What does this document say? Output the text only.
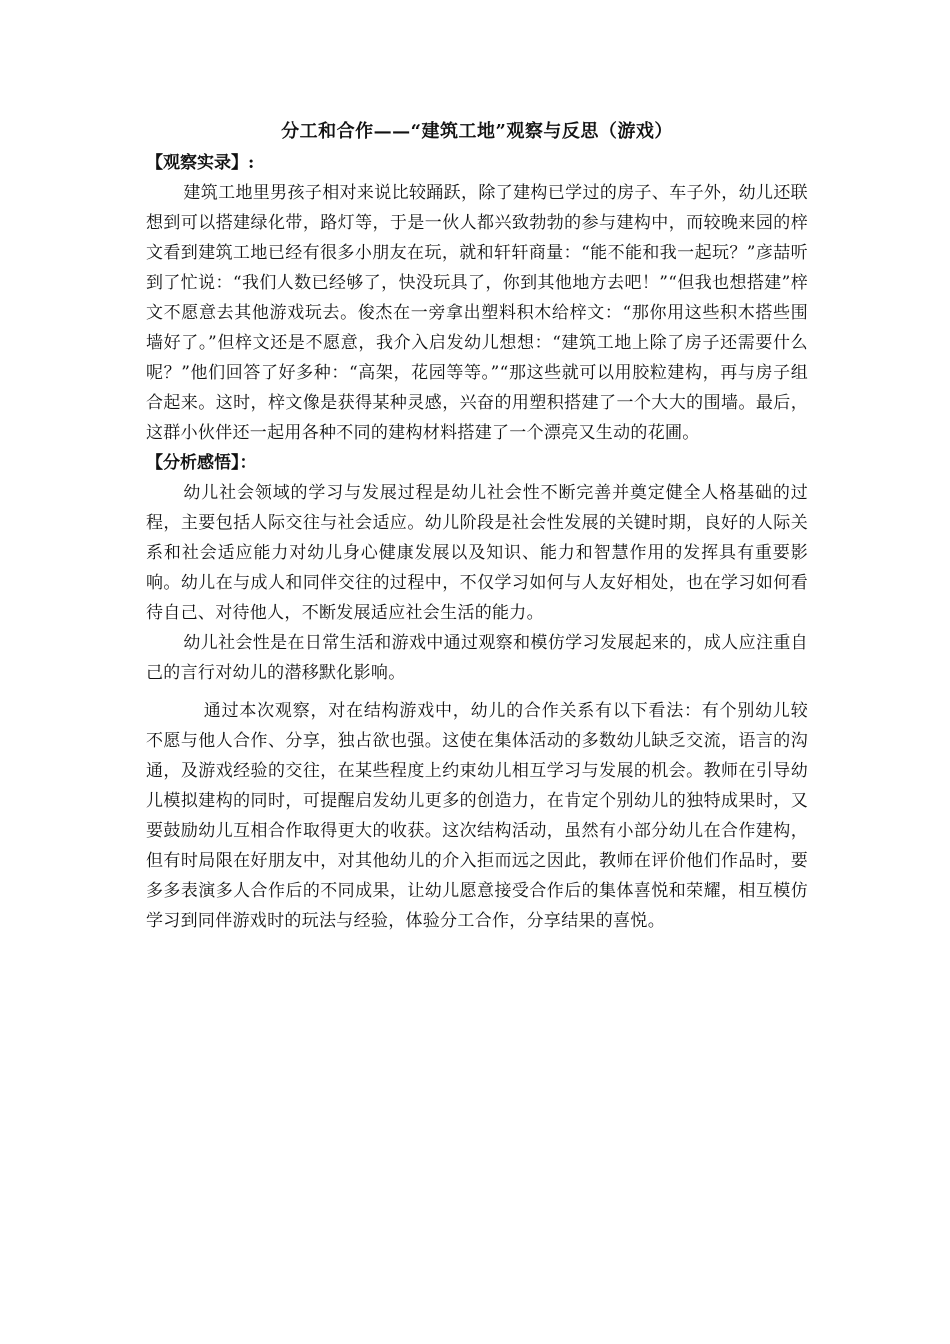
分工和合作——“建筑工地”观察与反思（游戏）
【观察实录】:

建筑工地里男孩子相对来说比较踊跃，除了建构已学过的房子、车子外，幼儿还联想到可以搭建绿化带，路灯等，于是一伙人都兴致勃勃的参与建构中，而较晚来园的梓文看到建筑工地已经有很多小朋友在玩，就和轩轩商量：“能不能和我一起玩？”彦喆听到了忙说：“我们人数已经够了，快没玩具了，你到其他地方去吧！”“但我也想搭建”梓文不愿意去其他游戏玩去。俊杰在一旁拿出塑料积木给梓文：“那你用这些积木搭些围墙好了。”但梓文还是不愿意，我介入启发幼儿想想：“建筑工地上除了房子还需要什么呢？”他们回答了好多种：“高架，花园等等。”“那这些就可以用胶粒建构，再与房子组合起来。这时，梓文像是获得某种灵感，兴奋的用塑积搭建了一个大大的围墙。最后，这群小伙伴还一起用各种不同的建构材料搭建了一个漂亮又生动的花圃。

【分析感悟】：

幼儿社会领域的学习与发展过程是幼儿社会性不断完善并奠定健全人格基础的过程，主要包括人际交往与社会适应。幼儿阶段是社会性发展的关键时期，良好的人际关系和社会适应能力对幼儿身心健康发展以及知识、能力和智慧作用的发挥具有重要影响。幼儿在与成人和同伴交往的过程中，不仅学习如何与人友好相处，也在学习如何看待自己、对待他人，不断发展适应社会生活的能力。

幼儿社会性是在日常生活和游戏中通过观察和模仿学习发展起来的，成人应注重自己的言行对幼儿的潜移默化影响。

通过本次观察，对在结构游戏中，幼儿的合作关系有以下看法：有个别幼儿较不愿与他人合作、分享，独占欲也强。这使在集体活动的多数幼儿缺乏交流，语言的沟通，及游戏经验的交往，在某些程度上约束幼儿相互学习与发展的机会。教师在引导幼儿模拟建构的同时，可提醒启发幼儿更多的创造力，在肯定个别幼儿的独特成果时，又要鼓励幼儿互相合作取得更大的收获。这次结构活动，虽然有小部分幼儿在合作建构，但有时局限在好朋友中，对其他幼儿的介入拒而远之因此，教师在评价他们作品时，要多多表演多人合作后的不同成果，让幼儿愿意接受合作后的集体喜悦和荣耀，相互模仿学习到同伴游戏时的玩法与经验，体验分工合作，分享结果的喜悦。
